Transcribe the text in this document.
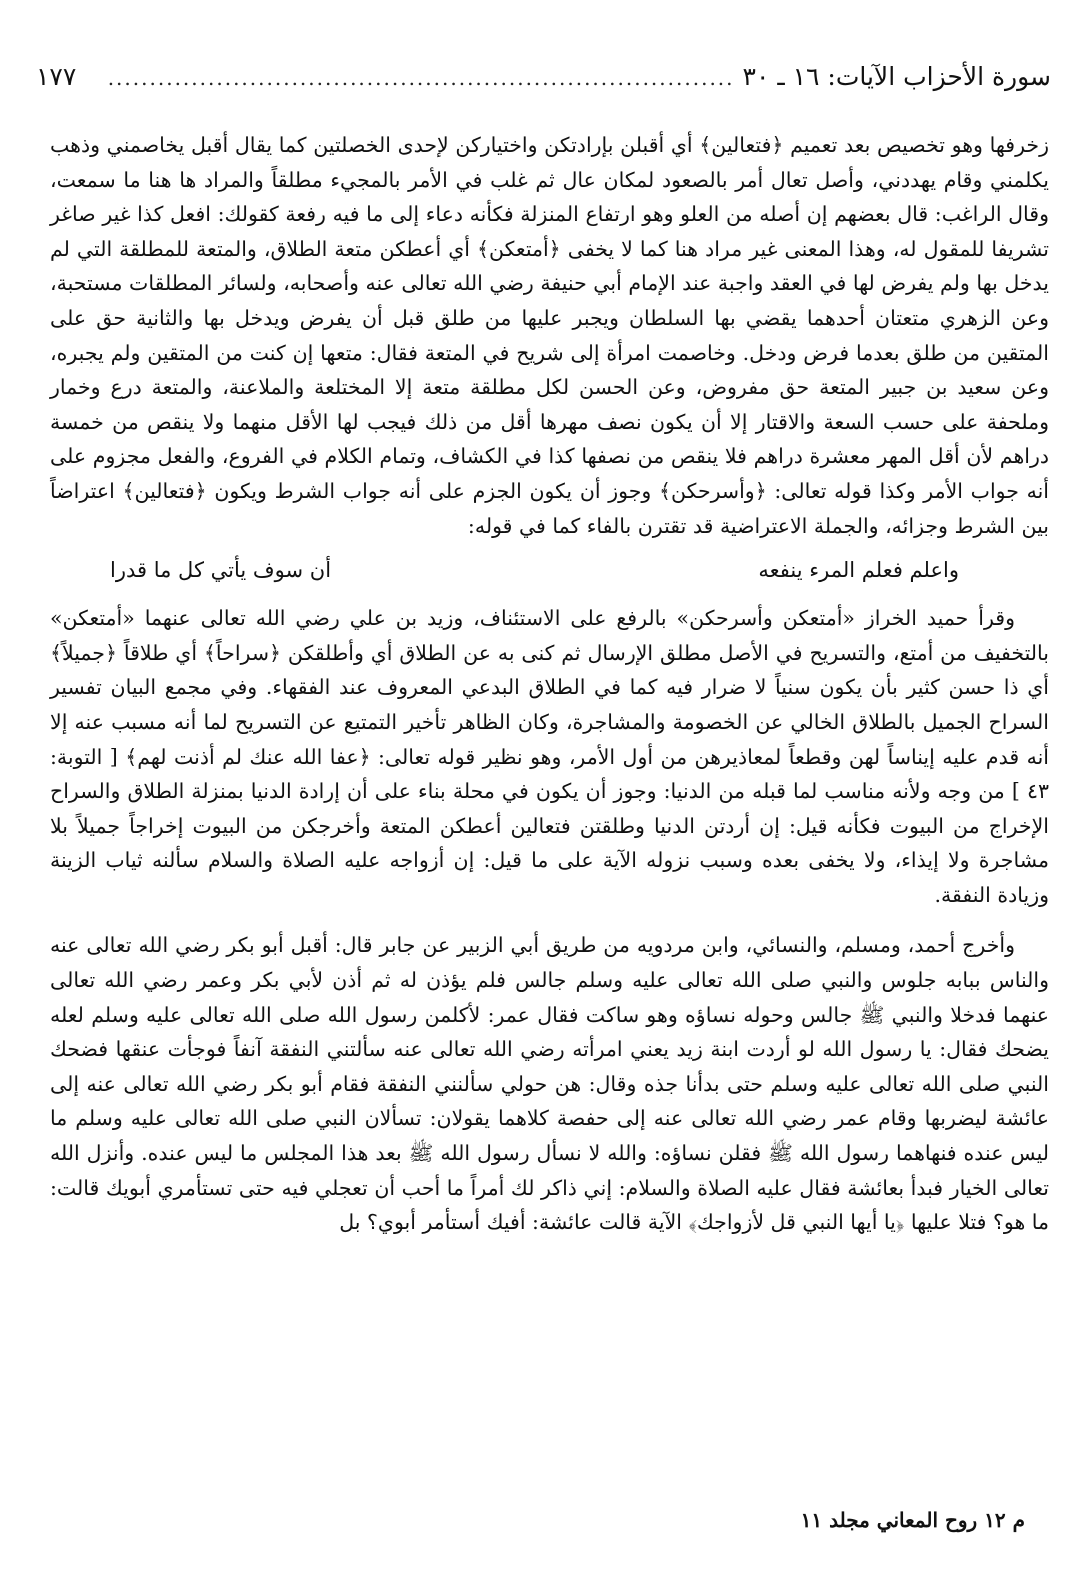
سورة الأحزاب الآيات: ١٦ ـ ٣٠
...........................................................................
١٧٧

زخرفها وهو تخصيص بعد تعميم ﴿فتعالين﴾ أي أقبلن بإرادتكن واختياركن لإحدى الخصلتين كما يقال أقبل يخاصمني وذهب يكلمني وقام يهددني، وأصل تعال أمر بالصعود لمكان عال ثم غلب في الأمر بالمجيء مطلقاً والمراد ها هنا ما سمعت، وقال الراغب: قال بعضهم إن أصله من العلو وهو ارتفاع المنزلة فكأنه دعاء إلى ما فيه رفعة كقولك: افعل كذا غير صاغر تشريفا للمقول له، وهذا المعنى غير مراد هنا كما لا يخفى ﴿أمتعكن﴾ أي أعطكن متعة الطلاق، والمتعة للمطلقة التي لم يدخل بها ولم يفرض لها في العقد واجبة عند الإمام أبي حنيفة رضي الله تعالى عنه وأصحابه، ولسائر المطلقات مستحبة، وعن الزهري متعتان أحدهما يقضي بها السلطان ويجبر عليها من طلق قبل أن يفرض ويدخل بها والثانية حق على المتقين من طلق بعدما فرض ودخل. وخاصمت امرأة إلى شريح في المتعة فقال: متعها إن كنت من المتقين ولم يجبره، وعن سعيد بن جبير المتعة حق مفروض، وعن الحسن لكل مطلقة متعة إلا المختلعة والملاعنة، والمتعة درع وخمار وملحفة على حسب السعة والاقتار إلا أن يكون نصف مهرها أقل من ذلك فيجب لها الأقل منهما ولا ينقص من خمسة دراهم لأن أقل المهر معشرة دراهم فلا ينقص من نصفها كذا في الكشاف، وتمام الكلام في الفروع، والفعل مجزوم على أنه جواب الأمر وكذا قوله تعالى: ﴿وأسرحكن﴾ وجوز أن يكون الجزم على أنه جواب الشرط ويكون ﴿فتعالين﴾ اعتراضاً بين الشرط وجزائه، والجملة الاعتراضية قد تقترن بالفاء كما في قوله:

واعلم فعلم المرء ينفعه
أن سوف يأتي كل ما قدرا

وقرأ حميد الخراز «أمتعكن وأسرحكن» بالرفع على الاستئناف، وزيد بن علي رضي الله تعالى عنهما «أمتعكن» بالتخفيف من أمتع، والتسريح في الأصل مطلق الإرسال ثم كنى به عن الطلاق أي وأطلقكن ﴿سراحاً﴾ أي طلاقاً ﴿جميلاً﴾ أي ذا حسن كثير بأن يكون سنياً لا ضرار فيه كما في الطلاق البدعي المعروف عند الفقهاء. وفي مجمع البيان تفسير السراح الجميل بالطلاق الخالي عن الخصومة والمشاجرة، وكان الظاهر تأخير التمتيع عن التسريح لما أنه مسبب عنه إلا أنه قدم عليه إيناساً لهن وقطعاً لمعاذيرهن من أول الأمر، وهو نظير قوله تعالى: ﴿عفا الله عنك لم أذنت لهم﴾ [ التوبة: ٤٣ ] من وجه ولأنه مناسب لما قبله من الدنيا: وجوز أن يكون في محلة بناء على أن إرادة الدنيا بمنزلة الطلاق والسراح الإخراج من البيوت فكأنه قيل: إن أردتن الدنيا وطلقتن فتعالين أعطكن المتعة وأخرجكن من البيوت إخراجاً جميلاً بلا مشاجرة ولا إيذاء، ولا يخفى بعده وسبب نزوله الآية على ما قيل: إن أزواجه عليه الصلاة والسلام سألنه ثياب الزينة وزيادة النفقة.

وأخرج أحمد، ومسلم، والنسائي، وابن مردويه من طريق أبي الزبير عن جابر قال: أقبل أبو بكر رضي الله تعالى عنه والناس ببابه جلوس والنبي صلى الله تعالى عليه وسلم جالس فلم يؤذن له ثم أذن لأبي بكر وعمر رضي الله تعالى عنهما فدخلا والنبي ﷺ جالس وحوله نساؤه وهو ساكت فقال عمر: لأكلمن رسول الله صلى الله تعالى عليه وسلم لعله يضحك فقال: يا رسول الله لو أردت ابنة زيد يعني امرأته رضي الله تعالى عنه سألتني النفقة آنفاً فوجأت عنقها فضحك النبي صلى الله تعالى عليه وسلم حتى بدأنا جذه وقال: هن حولي سألنني النفقة فقام أبو بكر رضي الله تعالى عنه إلى عائشة ليضربها وقام عمر رضي الله تعالى عنه إلى حفصة كلاهما يقولان: تسألان النبي صلى الله تعالى عليه وسلم ما ليس عنده فنهاهما رسول الله ﷺ فقلن نساؤه: والله لا نسأل رسول الله ﷺ بعد هذا المجلس ما ليس عنده. وأنزل الله تعالى الخيار فبدأ بعائشة فقال عليه الصلاة والسلام: إني ذاكر لك أمراً ما أحب أن تعجلي فيه حتى تستأمري أبويك قالت: ما هو؟ فتلا عليها ﴿يا أيها النبي قل لأزواجك﴾ الآية قالت عائشة: أفيك أستأمر أبوي؟ بل

م ١٢ روح المعاني مجلد ١١
